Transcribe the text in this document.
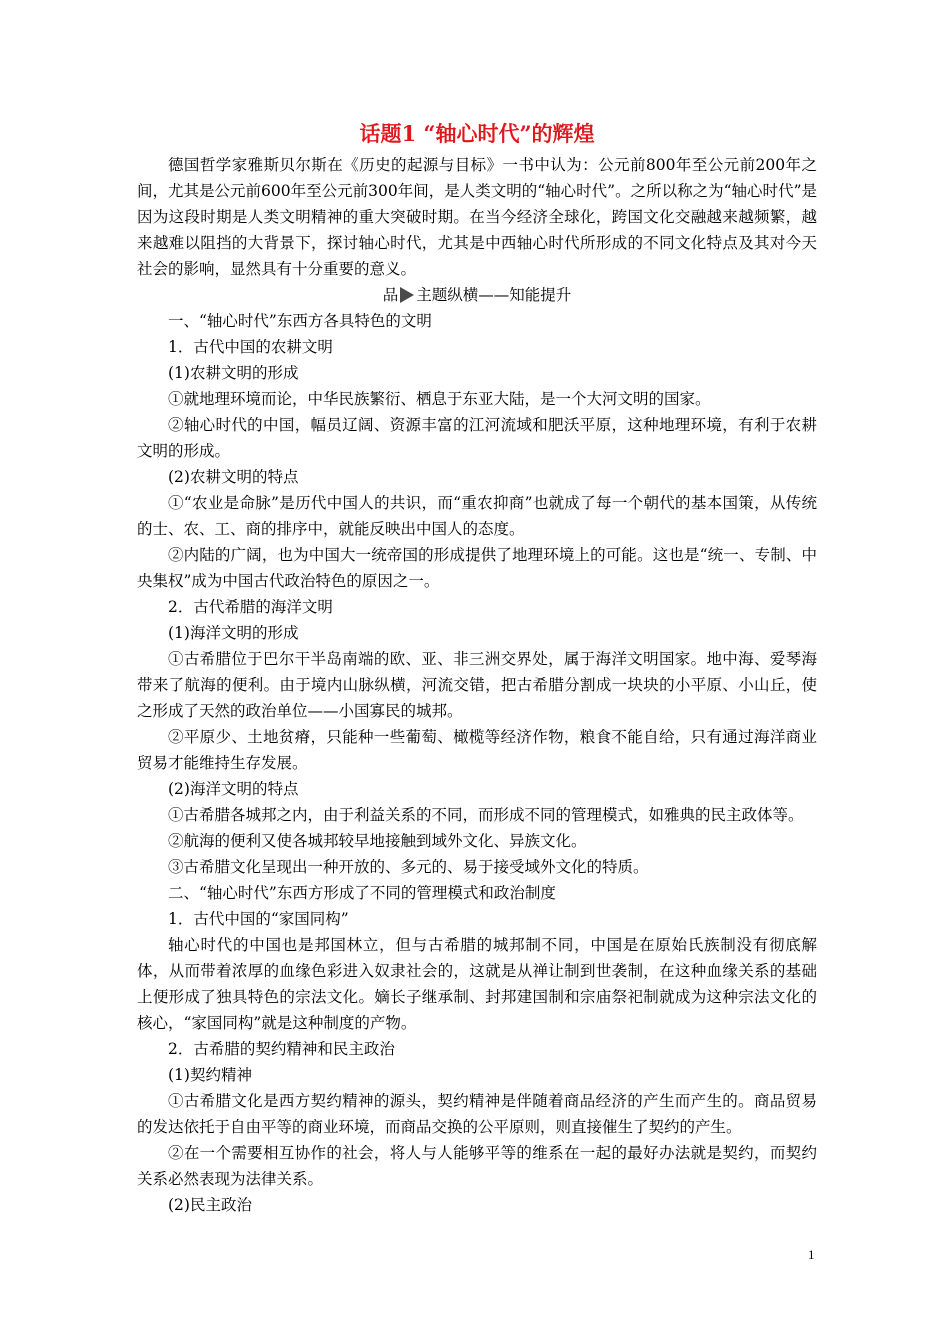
话题1 “轴心时代”的辉煌

德国哲学家雅斯贝尔斯在《历史的起源与目标》一书中认为：公元前800年至公元前200年之间，尤其是公元前600年至公元前300年间，是人类文明的“轴心时代”。之所以称之为“轴心时代”是因为这段时期是人类文明精神的重大突破时期。在当今经济全球化，跨国文化交融越来越频繁，越来越难以阻挡的大背景下，探讨轴心时代，尤其是中西轴心时代所形成的不同文化特点及其对今天社会的影响，显然具有十分重要的意义。

品 主题纵横——知能提升

一、“轴心时代”东西方各具特色的文明

1．古代中国的农耕文明

(1)农耕文明的形成

①就地理环境而论，中华民族繁衍、栖息于东亚大陆，是一个大河文明的国家。

②轴心时代的中国，幅员辽阔、资源丰富的江河流域和肥沃平原，这种地理环境，有利于农耕文明的形成。

(2)农耕文明的特点

①“农业是命脉”是历代中国人的共识，而“重农抑商”也就成了每一个朝代的基本国策，从传统的士、农、工、商的排序中，就能反映出中国人的态度。

②内陆的广阔，也为中国大一统帝国的形成提供了地理环境上的可能。这也是“统一、专制、中央集权”成为中国古代政治特色的原因之一。

2．古代希腊的海洋文明

(1)海洋文明的形成

①古希腊位于巴尔干半岛南端的欧、亚、非三洲交界处，属于海洋文明国家。地中海、爱琴海带来了航海的便利。由于境内山脉纵横，河流交错，把古希腊分割成一块块的小平原、小山丘，使之形成了天然的政治单位——小国寡民的城邦。

②平原少、土地贫瘠，只能种一些葡萄、橄榄等经济作物，粮食不能自给，只有通过海洋商业贸易才能维持生存发展。

(2)海洋文明的特点

①古希腊各城邦之内，由于利益关系的不同，而形成不同的管理模式，如雅典的民主政体等。

②航海的便利又使各城邦较早地接触到域外文化、异族文化。

③古希腊文化呈现出一种开放的、多元的、易于接受域外文化的特质。

二、“轴心时代”东西方形成了不同的管理模式和政治制度

1．古代中国的“家国同构”

轴心时代的中国也是邦国林立，但与古希腊的城邦制不同，中国是在原始氏族制没有彻底解体，从而带着浓厚的血缘色彩进入奴隶社会的，这就是从禅让制到世袭制，在这种血缘关系的基础上便形成了独具特色的宗法文化。嫡长子继承制、封邦建国制和宗庙祭祀制就成为这种宗法文化的核心，“家国同构”就是这种制度的产物。

2．古希腊的契约精神和民主政治

(1)契约精神

①古希腊文化是西方契约精神的源头，契约精神是伴随着商品经济的产生而产生的。商品贸易的发达依托于自由平等的商业环境，而商品交换的公平原则，则直接催生了契约的产生。

②在一个需要相互协作的社会，将人与人能够平等的维系在一起的最好办法就是契约，而契约关系必然表现为法律关系。

(2)民主政治

1
